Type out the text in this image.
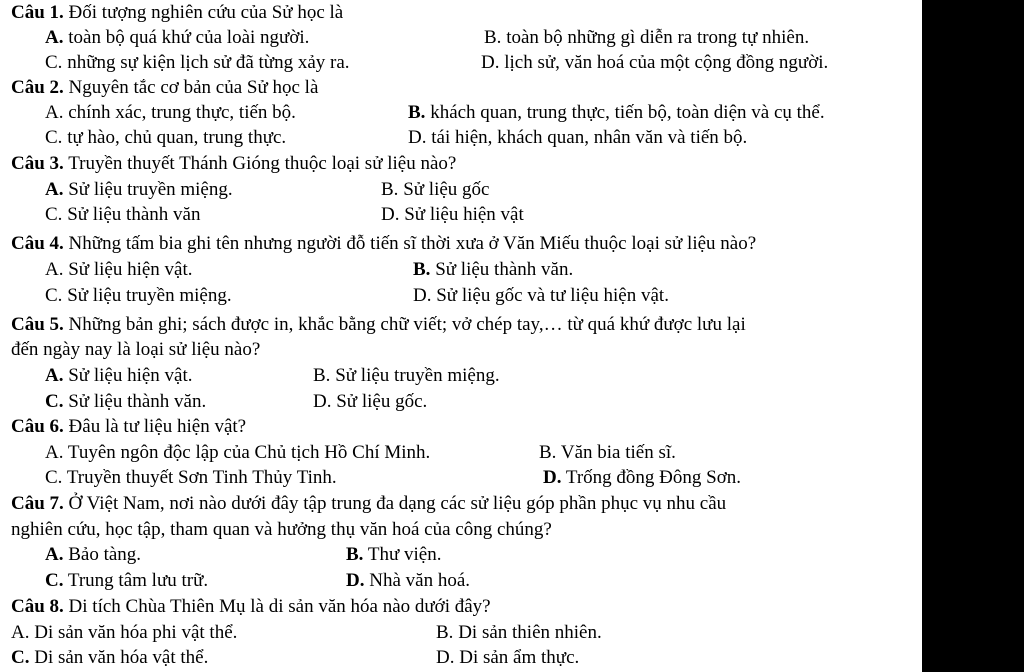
Câu 1. Đối tượng nghiên cứu của Sử học là
A. toàn bộ quá khứ của loài người.	B. toàn bộ những gì diễn ra trong tự nhiên.
C. những sự kiện lịch sử đã từng xảy ra.	D. lịch sử, văn hoá của một cộng đồng người.
Câu 2. Nguyên tắc cơ bản của Sử học là
A. chính xác, trung thực, tiến bộ.	B. khách quan, trung thực, tiến bộ, toàn diện và cụ thể.
C. tự hào, chủ quan, trung thực.	D. tái hiện, khách quan, nhân văn và tiến bộ.
Câu 3. Truyền thuyết Thánh Gióng thuộc loại sử liệu nào?
A. Sử liệu truyền miệng.	B. Sử liệu gốc
C. Sử liệu thành văn	D. Sử liệu hiện vật
Câu 4. Những tấm bia ghi tên nhưng người đỗ tiến sĩ thời xưa ở Văn Miếu thuộc loại sử liệu nào?
A. Sử liệu hiện vật.	B. Sử liệu thành văn.
C. Sử liệu truyền miệng.	D. Sử liệu gốc và tư liệu hiện vật.
Câu 5. Những bản ghi; sách được in, khắc bằng chữ viết; vở chép tay,… từ quá khứ được lưu lại
đến ngày nay là loại sử liệu nào?
A. Sử liệu hiện vật.	B. Sử liệu truyền miệng.
C. Sử liệu thành văn.	D. Sử liệu gốc.
Câu 6. Đâu là tư liệu hiện vật?
A. Tuyên ngôn độc lập của Chủ tịch Hồ Chí Minh.	B. Văn bia tiến sĩ.
C. Truyền thuyết Sơn Tinh Thủy Tinh.	D. Trống đồng Đông Sơn.
Câu 7. Ở Việt Nam, nơi nào dưới đây tập trung đa dạng các sử liệu góp phần phục vụ nhu cầu
nghiên cứu, học tập, tham quan và hưởng thụ văn hoá của công chúng?
A. Bảo tàng.	B. Thư viện.
C. Trung tâm lưu trữ.	D. Nhà văn hoá.
Câu 8. Di tích Chùa Thiên Mụ là di sản văn hóa nào dưới đây?
A. Di sản văn hóa phi vật thể.	B. Di sản thiên nhiên.
C. Di sản văn hóa vật thể.	D. Di sản ẩm thực.
